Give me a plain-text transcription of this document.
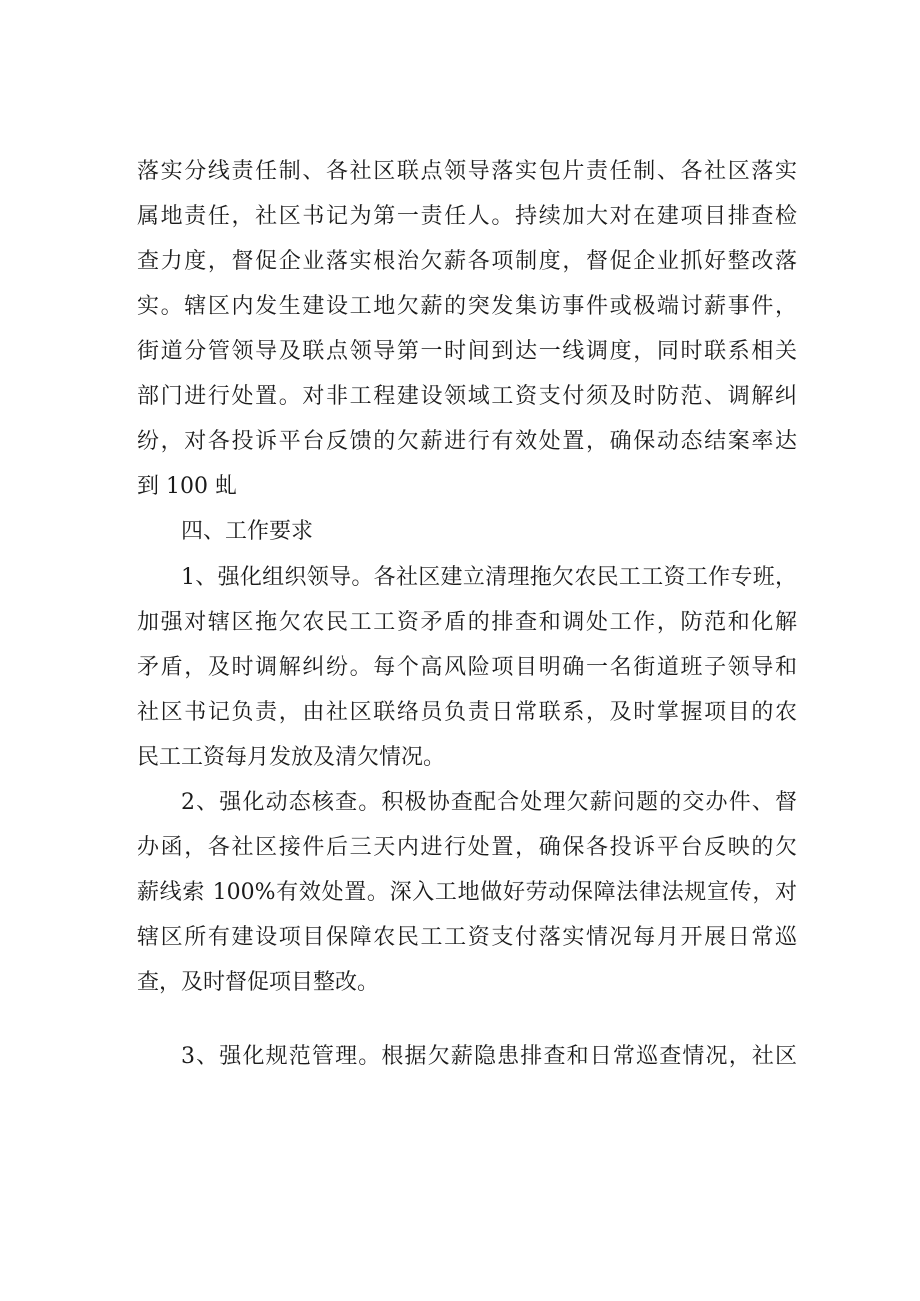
落实分线责任制、各社区联点领导落实包片责任制、各社区落实
属地责任，社区书记为第一责任人。持续加大对在建项目排查检
查力度，督促企业落实根治欠薪各项制度，督促企业抓好整改落
实。辖区内发生建设工地欠薪的突发集访事件或极端讨薪事件，
街道分管领导及联点领导第一时间到达一线调度，同时联系相关
部门进行处置。对非工程建设领域工资支付须及时防范、调解纠
纷，对各投诉平台反馈的欠薪进行有效处置，确保动态结案率达
到 100 虬
四、工作要求
1、强化组织领导。各社区建立清理拖欠农民工工资工作专班，
加强对辖区拖欠农民工工资矛盾的排查和调处工作，防范和化解
矛盾，及时调解纠纷。每个高风险项目明确一名街道班子领导和
社区书记负责，由社区联络员负责日常联系，及时掌握项目的农
民工工资每月发放及清欠情况。
2、强化动态核查。积极协查配合处理欠薪问题的交办件、督
办函，各社区接件后三天内进行处置，确保各投诉平台反映的欠
薪线索 100%有效处置。深入工地做好劳动保障法律法规宣传，对
辖区所有建设项目保障农民工工资支付落实情况每月开展日常巡
查，及时督促项目整改。
3、强化规范管理。根据欠薪隐患排查和日常巡查情况，社区
